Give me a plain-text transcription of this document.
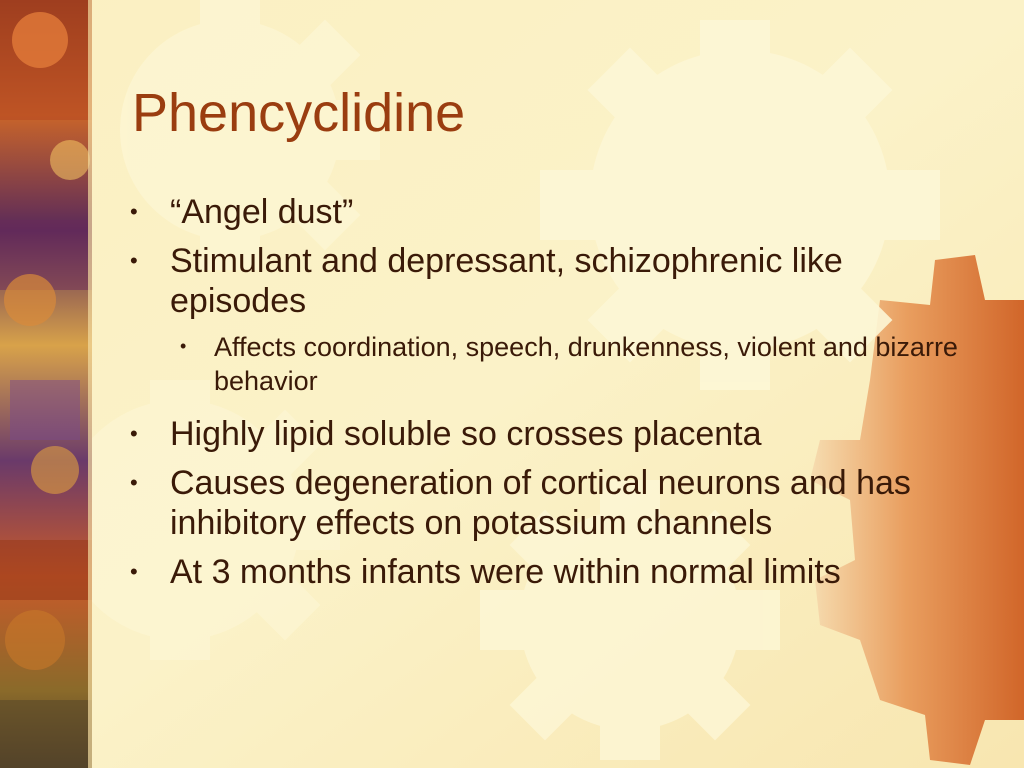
Phencyclidine
• “Angel dust”
• Stimulant and depressant, schizophrenic like episodes
• Affects coordination, speech, drunkenness, violent and bizarre behavior
• Highly lipid soluble so crosses placenta
• Causes degeneration of cortical neurons and has inhibitory effects on potassium channels
• At 3 months infants were within normal limits
